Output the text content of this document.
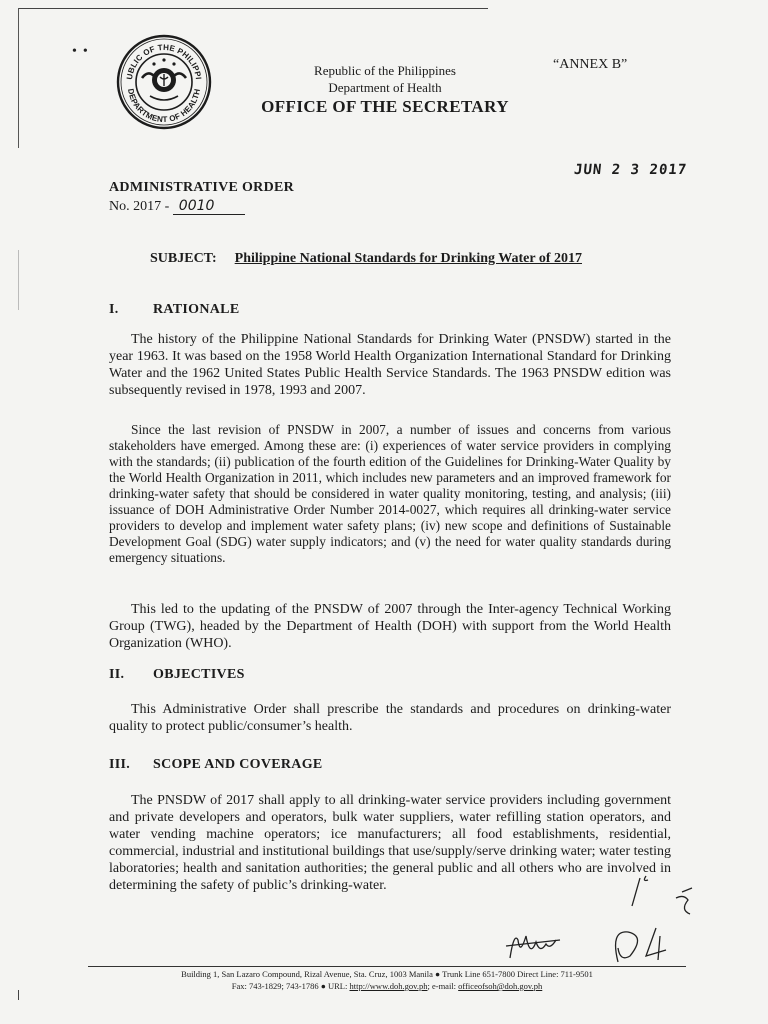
••
UBLIC OF THE PHILIPPI
DEPARTMENT OF HEALTH
Republic of the Philippines
Department of Health
OFFICE OF THE SECRETARY
“ANNEX B”
JUN 2 3 2017
ADMINISTRATIVE ORDER
No. 2017 - 0010
SUBJECT: Philippine National Standards for Drinking Water of 2017
I. RATIONALE
The history of the Philippine National Standards for Drinking Water (PNSDW) started in the year 1963. It was based on the 1958 World Health Organization International Standard for Drinking Water and the 1962 United States Public Health Service Standards. The 1963 PNSDW edition was subsequently revised in 1978, 1993 and 2007.
Since the last revision of PNSDW in 2007, a number of issues and concerns from various stakeholders have emerged. Among these are: (i) experiences of water service providers in complying with the standards; (ii) publication of the fourth edition of the Guidelines for Drinking-Water Quality by the World Health Organization in 2011, which includes new parameters and an improved framework for drinking-water safety that should be considered in water quality monitoring, testing, and analysis; (iii) issuance of DOH Administrative Order Number 2014-0027, which requires all drinking-water service providers to develop and implement water safety plans; (iv) new scope and definitions of Sustainable Development Goal (SDG) water supply indicators; and (v) the need for water quality standards during emergency situations.
This led to the updating of the PNSDW of 2007 through the Inter-agency Technical Working Group (TWG), headed by the Department of Health (DOH) with support from the World Health Organization (WHO).
II. OBJECTIVES
This Administrative Order shall prescribe the standards and procedures on drinking-water quality to protect public/consumer’s health.
III. SCOPE AND COVERAGE
The PNSDW of 2017 shall apply to all drinking-water service providers including government and private developers and operators, bulk water suppliers, water refilling station operators, and water vending machine operators; ice manufacturers; all food establishments, residential, commercial, industrial and institutional buildings that use/supply/serve drinking water; water testing laboratories; health and sanitation authorities; the general public and all others who are involved in determining the safety of public’s drinking-water.
Building 1, San Lazaro Compound, Rizal Avenue, Sta. Cruz, 1003 Manila ● Trunk Line 651-7800 Direct Line: 711-9501
Fax: 743-1829; 743-1786 ● URL: http://www.doh.gov.ph; e-mail: officeofsoh@doh.gov.ph
